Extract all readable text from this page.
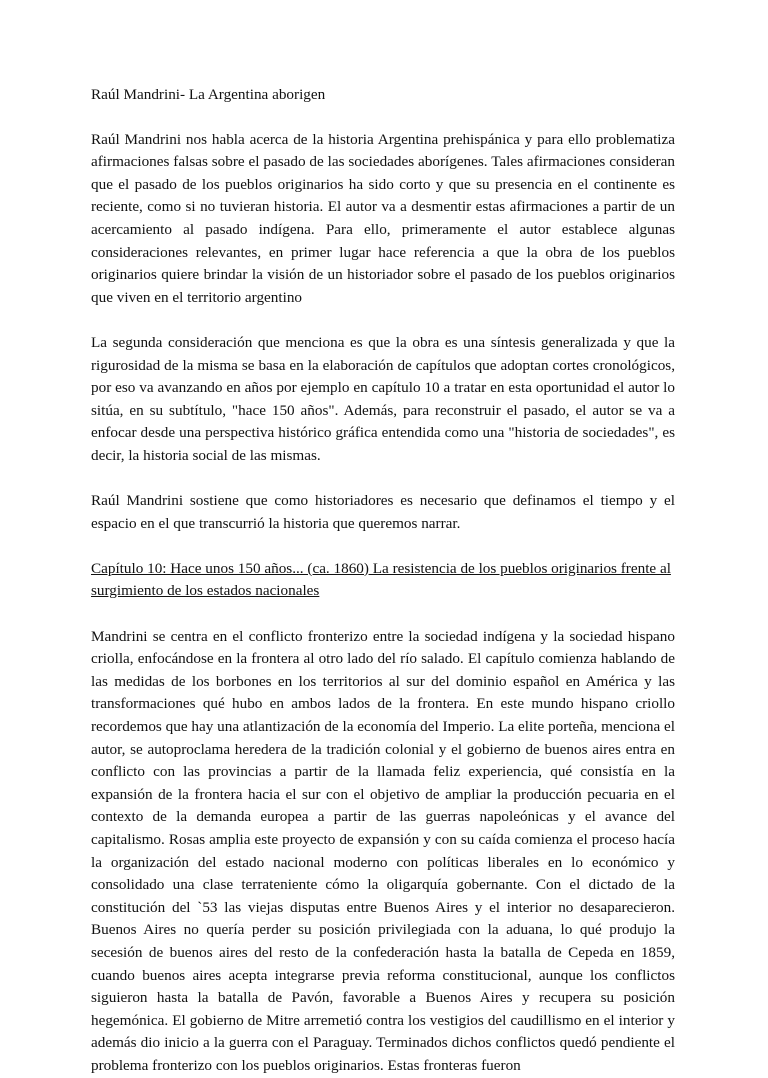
Raúl Mandrini- La Argentina aborigen

Raúl Mandrini nos habla acerca de la historia Argentina prehispánica y para ello problematiza afirmaciones falsas sobre el pasado de las sociedades aborígenes. Tales afirmaciones consideran que el pasado de los pueblos originarios ha sido corto y que su presencia en el continente es reciente, como si no tuvieran historia. El autor va a desmentir estas afirmaciones a partir de un acercamiento al pasado indígena. Para ello, primeramente el autor establece algunas consideraciones relevantes, en primer lugar hace referencia a que la obra de los pueblos originarios quiere brindar la visión de un historiador sobre el pasado de los pueblos originarios que viven en el territorio argentino

La segunda consideración que menciona es que la obra es una síntesis generalizada y que la rigurosidad de la misma se basa en la elaboración de capítulos que adoptan cortes cronológicos, por eso va avanzando en años por ejemplo en capítulo 10 a tratar en esta oportunidad el autor lo sitúa, en su subtítulo, "hace 150 años". Además, para reconstruir el pasado, el autor se va a enfocar desde una perspectiva histórico gráfica entendida como una "historia de sociedades", es decir, la historia social de las mismas.

Raúl Mandrini sostiene que como historiadores es necesario que definamos el tiempo y el espacio en el que transcurrió la historia que queremos narrar.

Capítulo 10: Hace unos 150 años... (ca. 1860) La resistencia de los pueblos originarios frente al surgimiento de los estados nacionales

Mandrini se centra en el conflicto fronterizo entre la sociedad indígena y la sociedad hispano criolla, enfocándose en la frontera al otro lado del río salado. El capítulo comienza hablando de las medidas de los borbones en los territorios al sur del dominio español en América y las transformaciones qué hubo en ambos lados de la frontera. En este mundo hispano criollo recordemos que hay una atlantización de la economía del Imperio. La elite porteña, menciona el autor, se autoproclama heredera de la tradición colonial y el gobierno de buenos aires entra en conflicto con las provincias a partir de la llamada feliz experiencia, qué consistía en la expansión de la frontera hacia el sur con el objetivo de ampliar la producción pecuaria en el contexto de la demanda europea a partir de las guerras napoleónicas y el avance del capitalismo. Rosas amplia este proyecto de expansión y con su caída comienza el proceso hacía la organización del estado nacional moderno con políticas liberales en lo económico y consolidado una clase terrateniente cómo la oligarquía gobernante. Con el dictado de la constitución del `53 las viejas disputas entre Buenos Aires y el interior no desaparecieron. Buenos Aires no quería perder su posición privilegiada con la aduana, lo qué produjo la secesión de buenos aires del resto de la confederación hasta la batalla de Cepeda en 1859, cuando buenos aires acepta integrarse previa reforma constitucional, aunque los conflictos siguieron hasta la batalla de Pavón, favorable a Buenos Aires y recupera su posición hegemónica. El gobierno de Mitre arremetió contra los vestigios del caudillismo en el interior y además dio inicio a la guerra con el Paraguay. Terminados dichos conflictos quedó pendiente el problema fronterizo con los pueblos originarios. Estas fronteras fueron
